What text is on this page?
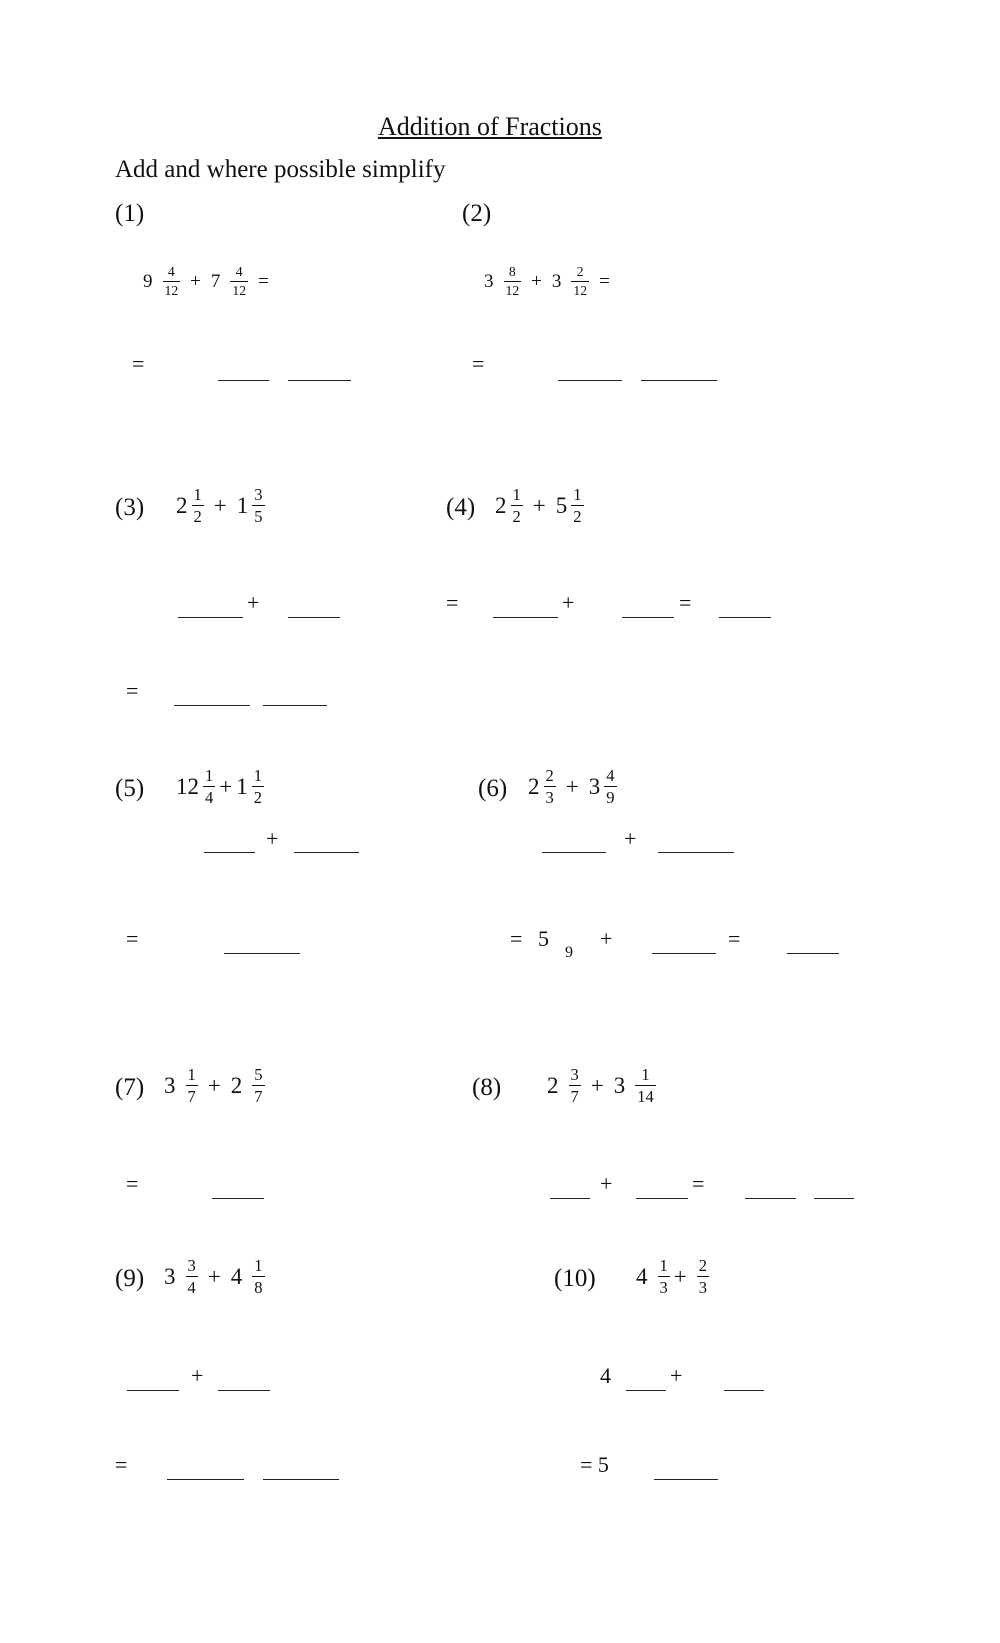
Addition of Fractions
Add and where possible simplify
(1)
$9 \frac{4}{12} + 7 \frac{4}{12}$ =
=
(2)
$3 \frac{8}{12} + 3 \frac{2}{12}$ =
=
(3) $2 \frac{1}{2} + 1 \frac{3}{5}$
+
=
(4) $2 \frac{1}{2} + 5 \frac{1}{2}$
=	+	=
(5) $12 \frac{1}{4} + 1 \frac{1}{2}$
+
=
(6) $2 \frac{2}{3} + 3 \frac{4}{9}$
+
= 5
9
+	=
(7) $3 \frac{1}{7} + 2 \frac{5}{7}$
=
(8) $2 \frac{3}{7} + 3 \frac{1}{14}$
+	=
(9) $3 \frac{3}{4} + 4 \frac{1}{8}$
+
=
(10) $4 \frac{1}{3} + \frac{2}{3}$
4	+
= 5
